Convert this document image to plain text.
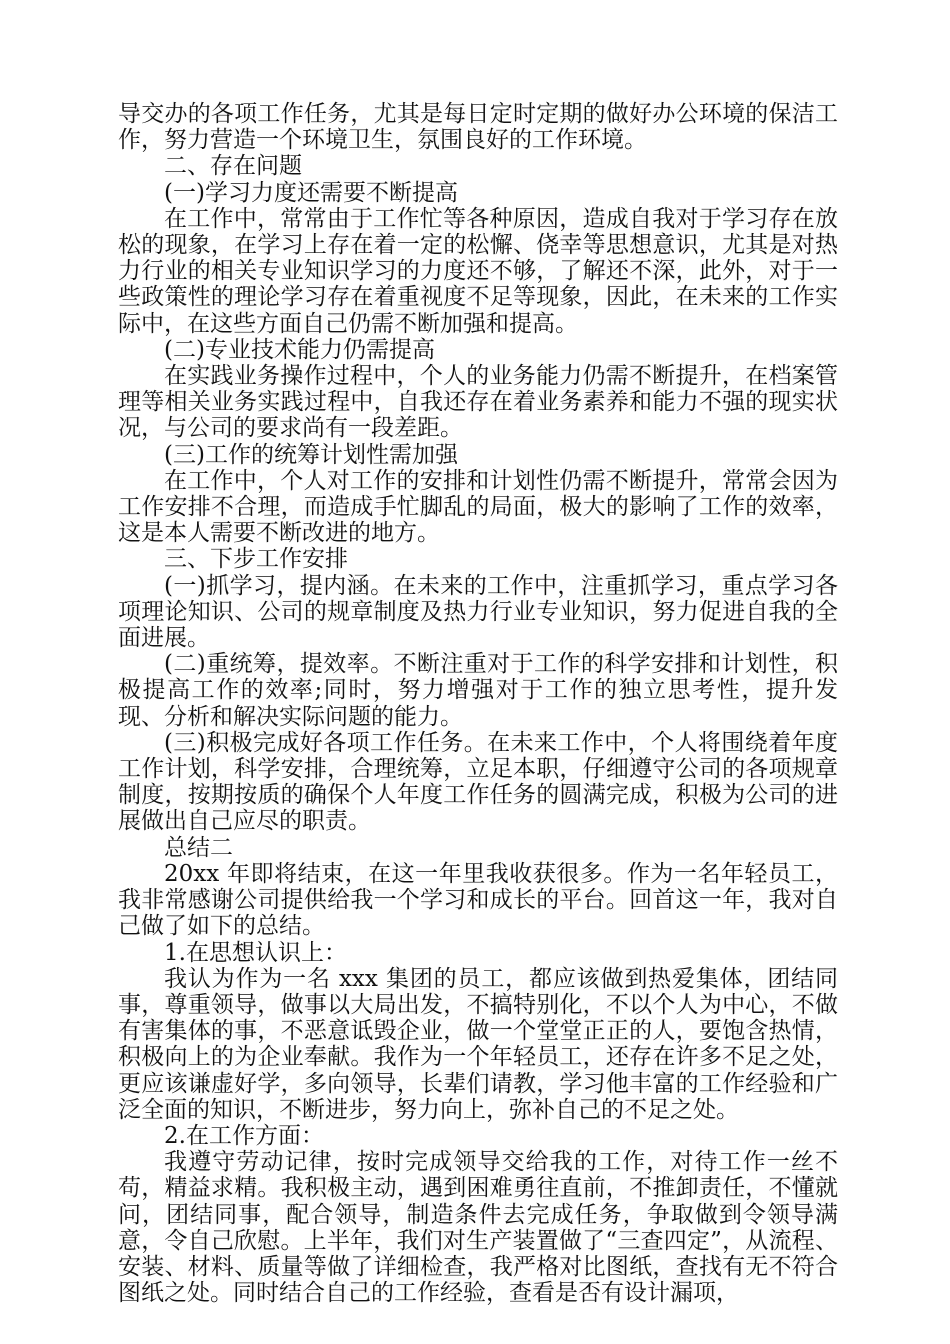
导交办的各项工作任务，尤其是每日定时定期的做好办公环境的保洁工作，努力营造一个环境卫生，氛围良好的工作环境。

二、存在问题

(一)学习力度还需要不断提高

在工作中，常常由于工作忙等各种原因，造成自我对于学习存在放松的现象，在学习上存在着一定的松懈、侥幸等思想意识，尤其是对热力行业的相关专业知识学习的力度还不够，了解还不深，此外，对于一些政策性的理论学习存在着重视度不足等现象，因此，在未来的工作实际中，在这些方面自己仍需不断加强和提高。

(二)专业技术能力仍需提高

在实践业务操作过程中，个人的业务能力仍需不断提升，在档案管理等相关业务实践过程中，自我还存在着业务素养和能力不强的现实状况，与公司的要求尚有一段差距。

(三)工作的统筹计划性需加强

在工作中，个人对工作的安排和计划性仍需不断提升，常常会因为工作安排不合理，而造成手忙脚乱的局面，极大的影响了工作的效率，这是本人需要不断改进的地方。

三、下步工作安排

(一)抓学习，提内涵。在未来的工作中，注重抓学习，重点学习各项理论知识、公司的规章制度及热力行业专业知识，努力促进自我的全面进展。

(二)重统筹，提效率。不断注重对于工作的科学安排和计划性，积极提高工作的效率;同时，努力增强对于工作的独立思考性，提升发现、分析和解决实际问题的能力。

(三)积极完成好各项工作任务。在未来工作中，个人将围绕着年度工作计划，科学安排，合理统筹，立足本职，仔细遵守公司的各项规章制度，按期按质的确保个人年度工作任务的圆满完成，积极为公司的进展做出自己应尽的职责。

总结二

20xx 年即将结束，在这一年里我收获很多。作为一名年轻员工，我非常感谢公司提供给我一个学习和成长的平台。回首这一年，我对自己做了如下的总结。

1.在思想认识上：

我认为作为一名 xxx 集团的员工，都应该做到热爱集体，团结同事，尊重领导，做事以大局出发，不搞特别化，不以个人为中心，不做有害集体的事，不恶意诋毁企业，做一个堂堂正正的人，要饱含热情，积极向上的为企业奉献。我作为一个年轻员工，还存在许多不足之处，更应该谦虚好学，多向领导，长辈们请教，学习他丰富的工作经验和广泛全面的知识，不断进步，努力向上，弥补自己的不足之处。

2.在工作方面：

我遵守劳动记律，按时完成领导交给我的工作，对待工作一丝不苟，精益求精。我积极主动，遇到困难勇往直前，不推卸责任，不懂就问，团结同事，配合领导，制造条件去完成任务，争取做到令领导满意，令自己欣慰。上半年，我们对生产装置做了“三查四定”，从流程、安装、材料、质量等做了详细检查，我严格对比图纸，查找有无不符合图纸之处。同时结合自己的工作经验，查看是否有设计漏项，
